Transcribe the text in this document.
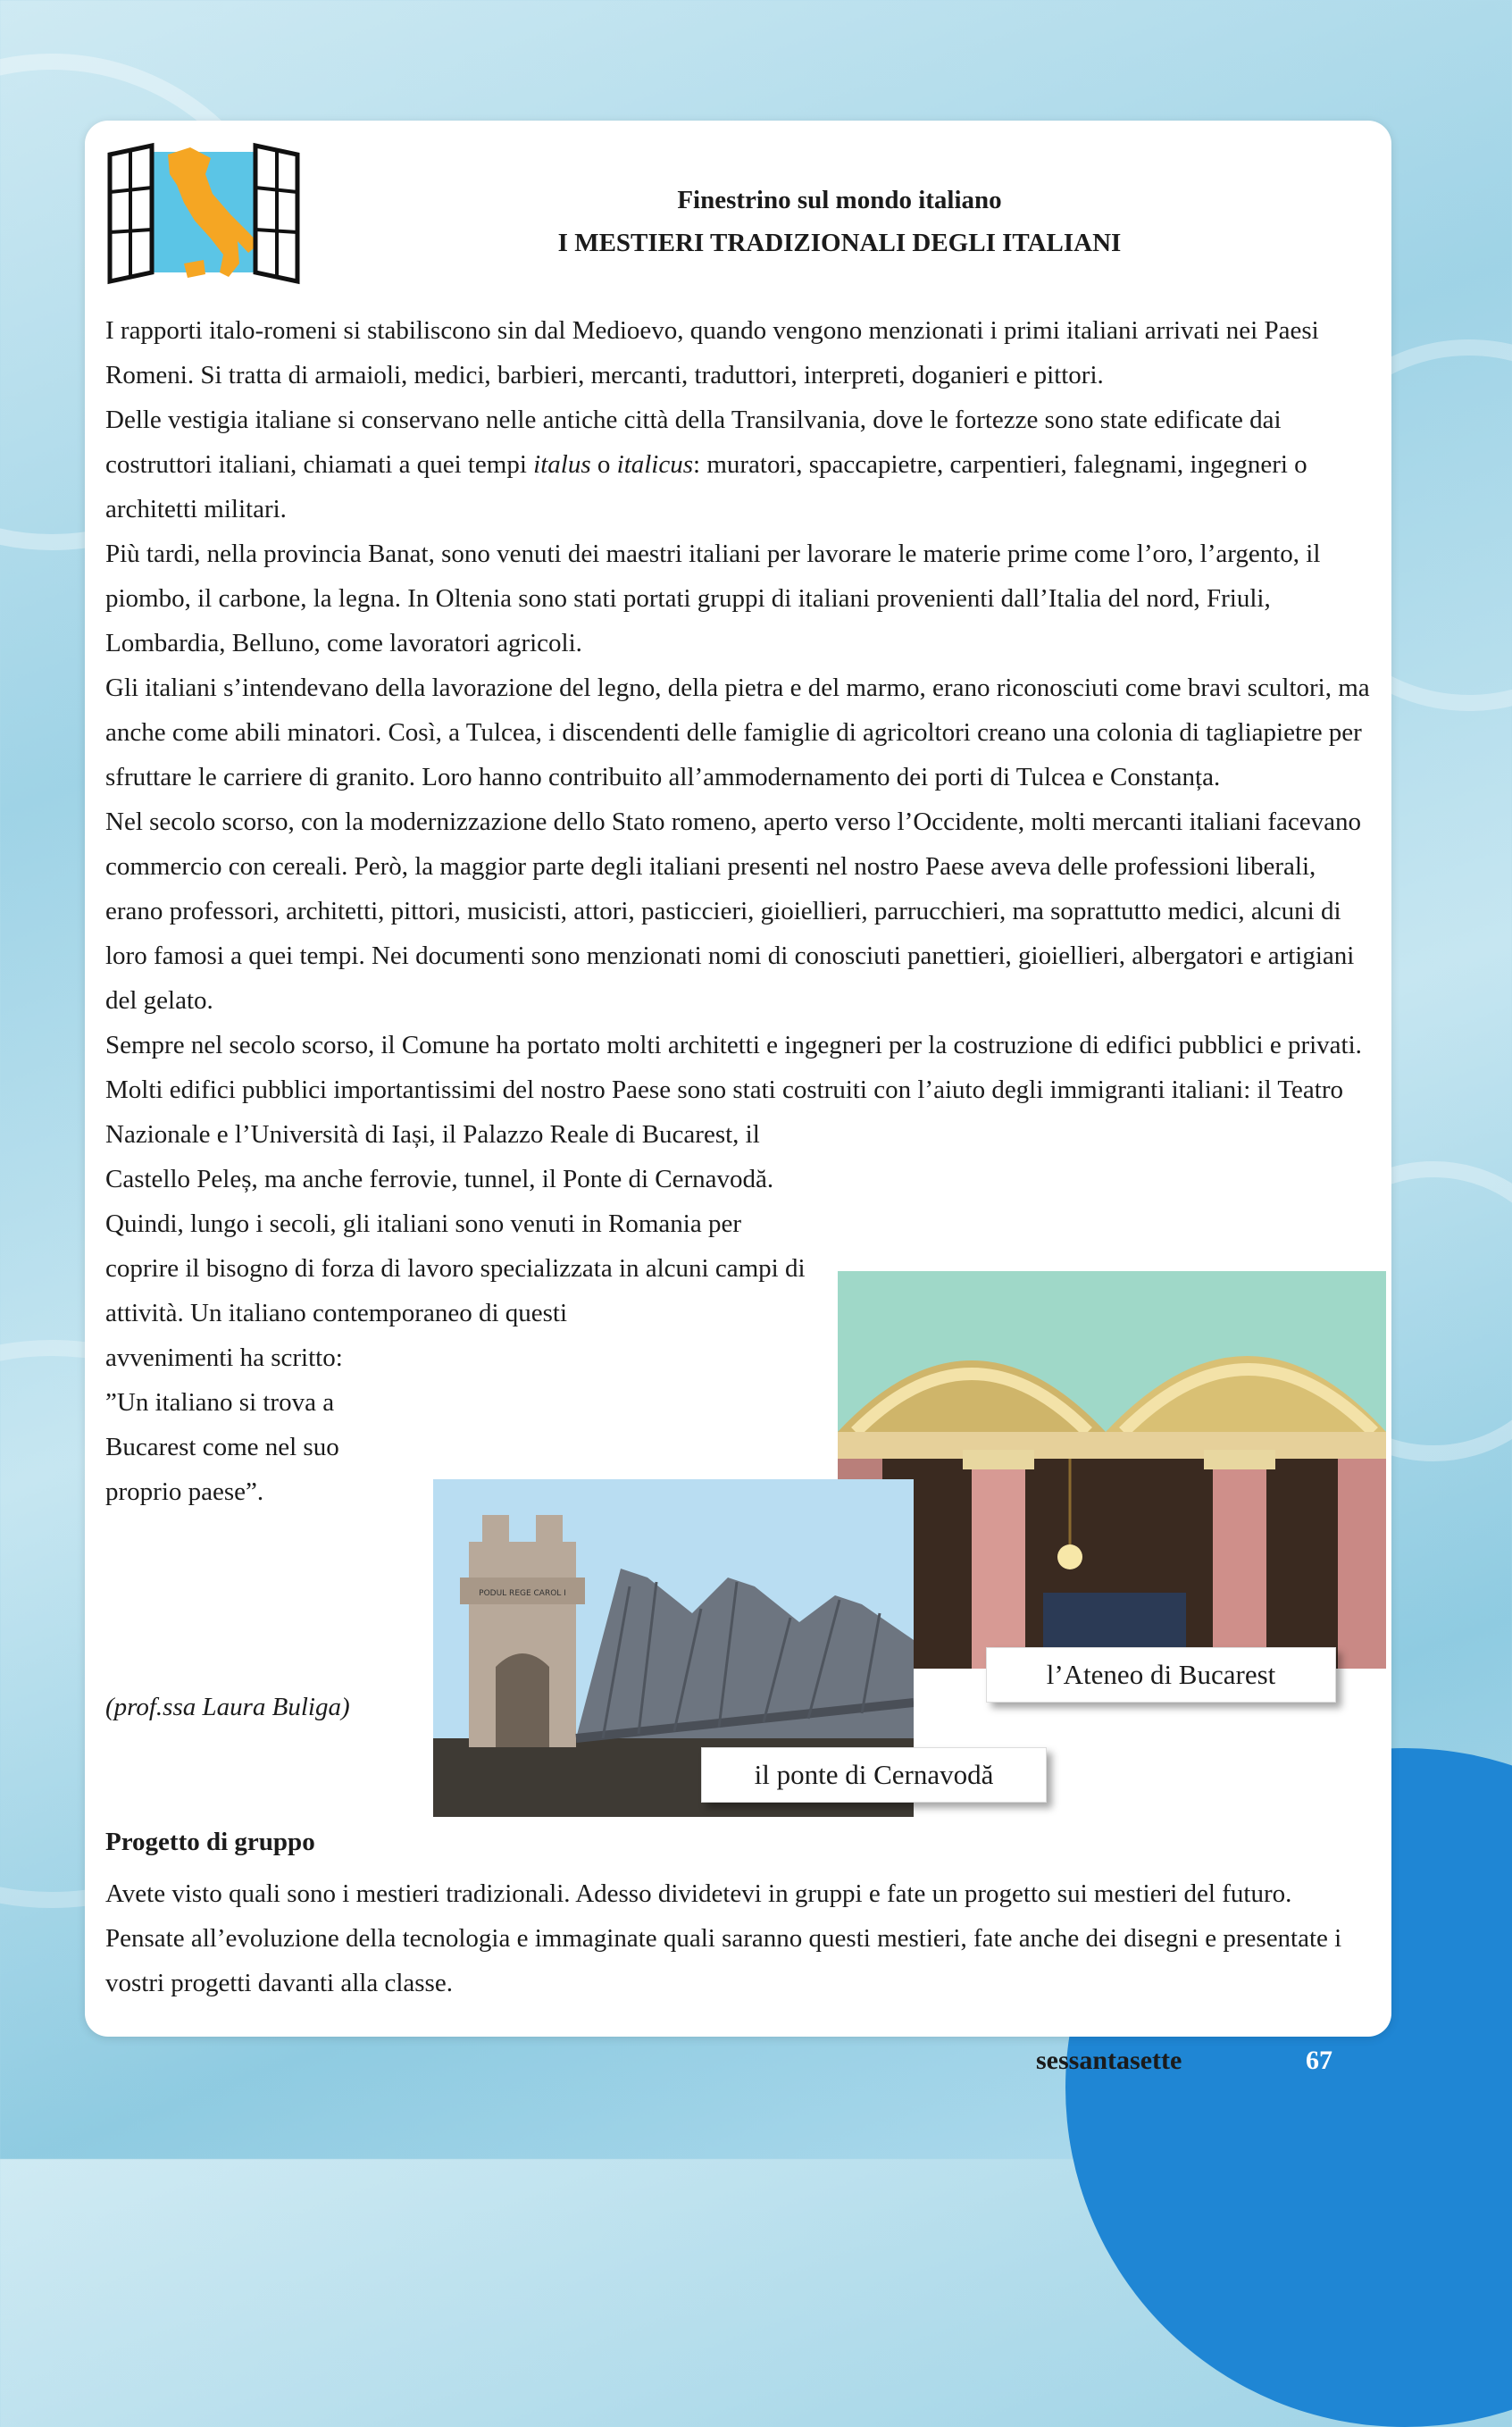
Finestrino sul mondo italiano
I MESTIERI TRADIZIONALI DEGLI ITALIANI

I rapporti italo-romeni si stabiliscono sin dal Medioevo, quando vengono menzionati i primi italiani arrivati nei Paesi Romeni. Si tratta di armaioli, medici, barbieri, mercanti, traduttori, interpreti, doganieri e pittori.

Delle vestigia italiane si conservano nelle antiche città della Transilvania, dove le fortezze sono state edificate dai costruttori italiani, chiamati a quei tempi italus o italicus: muratori, spaccapietre, carpentieri, falegnami, ingegneri o architetti militari.

Più tardi, nella provincia Banat, sono venuti dei maestri italiani per lavorare le materie prime come l’oro, l’argento, il piombo, il carbone, la legna. In Oltenia sono stati portati gruppi di italiani provenienti dall’Italia del nord, Friuli, Lombardia, Belluno, come lavoratori agricoli.

Gli italiani s’intendevano della lavorazione del legno, della pietra e del marmo, erano riconosciuti come bravi scultori, ma anche come abili minatori. Così, a Tulcea, i discendenti delle famiglie di agricoltori creano una colonia di tagliapietre per sfruttare le carriere di granito. Loro hanno contribuito all’ammodernamento dei porti di Tulcea e Constanța.

Nel secolo scorso, con la modernizzazione dello Stato romeno, aperto verso l’Occidente, molti mercanti italiani facevano commercio con cereali. Però, la maggior parte degli italiani presenti nel nostro Paese aveva delle professioni liberali, erano professori, architetti, pittori, musicisti, attori, pasticcieri, gioiellieri, parrucchieri, ma soprattutto medici, alcuni di loro famosi a quei tempi. Nei documenti sono menzionati nomi di conosciuti panettieri, gioiellieri, albergatori e artigiani del gelato.

Sempre nel secolo scorso, il Comune ha portato molti architetti e ingegneri per la costruzione di edifici pubblici e privati. Molti edifici pubblici importantissimi del nostro Paese sono stati costruiti con l’aiuto degli immigranti italiani: il Teatro Nazionale e l’Università di Iași, il Palazzo Reale di Bucarest, il

Castello Peleș, ma anche ferrovie, tunnel, il Ponte di Cernavodă.

Quindi, lungo i secoli, gli italiani sono venuti in Romania per coprire il bisogno di forza di lavoro specializzata in alcuni campi di attività. Un italiano contemporaneo di questi

avvenimenti ha scritto:

”Un italiano si trova a Bucarest come nel suo proprio paese”.

l’Ateneo di Bucarest
PODUL REGE CAROL I
il ponte di Cernavodă
(prof.ssa Laura Buliga)
Progetto di gruppo
Avete visto quali sono i mestieri tradizionali. Adesso dividetevi in gruppi e fate un progetto sui mestieri del futuro. Pensate all’evoluzione della tecnologia e immaginate quali saranno questi mestieri, fate anche dei disegni e presentate i vostri progetti davanti alla classe.
sessantasette	67
